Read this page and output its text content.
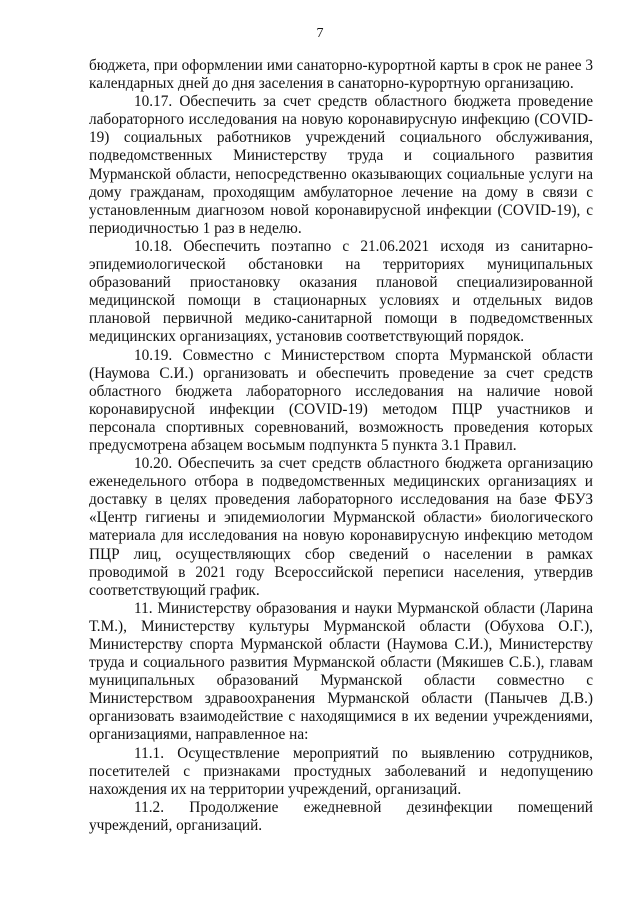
7

бюджета, при оформлении ими санаторно-курортной карты в срок не ранее 3 календарных дней до дня заселения в санаторно-курортную организацию.

10.17. Обеспечить за счет средств областного бюджета проведение лабораторного исследования на новую коронавирусную инфекцию (COVID-19) социальных работников учреждений социального обслуживания, подведомственных Министерству труда и социального развития Мурманской области, непосредственно оказывающих социальные услуги на дому гражданам, проходящим амбулаторное лечение на дому в связи с установленным диагнозом новой коронавирусной инфекции (COVID-19), с периодичностью 1 раз в неделю.

10.18. Обеспечить поэтапно с 21.06.2021 исходя из санитарно-эпидемиологической обстановки на территориях муниципальных образований приостановку оказания плановой специализированной медицинской помощи в стационарных условиях и отдельных видов плановой первичной медико-санитарной помощи в подведомственных медицинских организациях, установив соответствующий порядок.

10.19. Совместно с Министерством спорта Мурманской области (Наумова С.И.) организовать и обеспечить проведение за счет средств областного бюджета лабораторного исследования на наличие новой коронавирусной инфекции (COVID-19) методом ПЦР участников и персонала спортивных соревнований, возможность проведения которых предусмотрена абзацем восьмым подпункта 5 пункта 3.1 Правил.

10.20. Обеспечить за счет средств областного бюджета организацию еженедельного отбора в подведомственных медицинских организациях и доставку в целях проведения лабораторного исследования на базе ФБУЗ «Центр гигиены и эпидемиологии Мурманской области» биологического материала для исследования на новую коронавирусную инфекцию методом ПЦР лиц, осуществляющих сбор сведений о населении в рамках проводимой в 2021 году Всероссийской переписи населения, утвердив соответствующий график.

11. Министерству образования и науки Мурманской области (Ларина Т.М.), Министерству культуры Мурманской области (Обухова О.Г.), Министерству спорта Мурманской области (Наумова С.И.), Министерству труда и социального развития Мурманской области (Мякишев С.Б.), главам муниципальных образований Мурманской области совместно с Министерством здравоохранения Мурманской области (Панычев Д.В.) организовать взаимодействие с находящимися в их ведении учреждениями, организациями, направленное на:

11.1. Осуществление мероприятий по выявлению сотрудников, посетителей с признаками простудных заболеваний и недопущению нахождения их на территории учреждений, организаций.

11.2. Продолжение ежедневной дезинфекции помещений учреждений, организаций.
